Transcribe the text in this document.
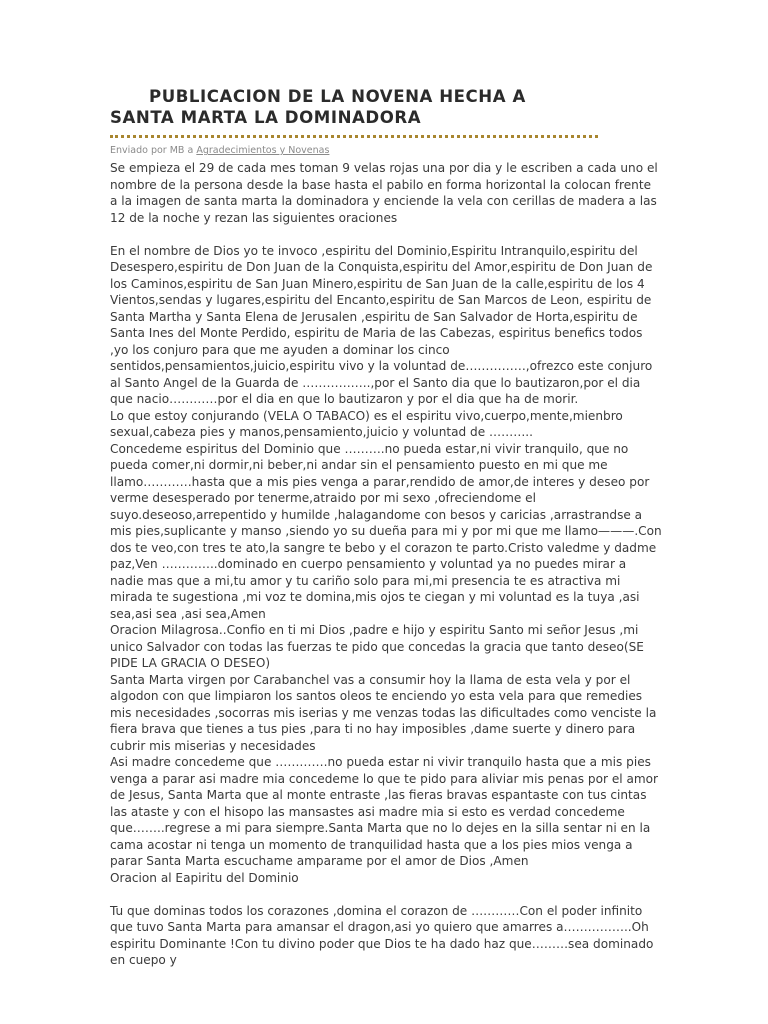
PUBLICACION DE LA NOVENA HECHA A
SANTA MARTA LA DOMINADORA
Enviado por MB a Agradecimientos y Novenas

Se empieza el 29 de cada mes toman 9 velas rojas una por dia y le escriben a cada uno el nombre de la persona desde la base hasta el pabilo en forma horizontal la colocan frente a la imagen de santa marta la dominadora y enciende la vela con cerillas de madera a las 12 de la noche y rezan las siguientes oraciones

En el nombre de Dios yo te invoco ,espiritu del Dominio,Espiritu Intranquilo,espiritu del Desespero,espiritu de Don Juan de la Conquista,espiritu del Amor,espiritu de Don Juan de los Caminos,espiritu de San Juan Minero,espiritu de San Juan de la calle,espiritu de los 4 Vientos,sendas y lugares,espiritu del Encanto,espiritu de San Marcos de Leon, espiritu de Santa Martha y Santa Elena de Jerusalen ,espiritu de San Salvador de Horta,espiritu de Santa Ines del Monte Perdido, espiritu de Maria de las Cabezas, espiritus benefics todos ,yo los conjuro para que me ayuden a dominar los cinco sentidos,pensamientos,juicio,espiritu vivo y la voluntad de……………,ofrezco este conjuro al Santo Angel de la Guarda de ……………..,por el Santo dia que lo bautizaron,por el dia que nacio…………por el dia en que lo bautizaron y por el dia que ha de morir.

Lo que estoy conjurando (VELA O TABACO) es el espiritu vivo,cuerpo,mente,mienbro sexual,cabeza pies y manos,pensamiento,juicio y voluntad de ………..

Concedeme espiritus del Dominio que ……….no pueda estar,ni vivir tranquilo, que no pueda comer,ni dormir,ni beber,ni andar sin el pensamiento puesto en mi que me llamo…………hasta que a mis pies venga a parar,rendido de amor,de interes y deseo por verme desesperado por tenerme,atraido por mi sexo ,ofreciendome el suyo.deseoso,arrepentido y humilde ,halagandome con besos y caricias ,arrastrandse a mis pies,suplicante y manso ,siendo yo su dueña para mi y por mi que me llamo———.Con dos te veo,con tres te ato,la sangre te bebo y el corazon te parto.Cristo valedme y dadme paz,Ven …………..dominado en cuerpo pensamiento y voluntad ya no puedes mirar a nadie mas que a mi,tu amor y tu cariño solo para mi,mi presencia te es atractiva mi mirada te sugestiona ,mi voz te domina,mis ojos te ciegan y mi voluntad es la tuya ,asi sea,asi sea ,asi sea,Amen

Oracion Milagrosa..Confio en ti mi Dios ,padre e hijo y espiritu Santo mi señor Jesus ,mi unico Salvador con todas las fuerzas te pido que concedas la gracia que tanto deseo(SE PIDE LA GRACIA O DESEO)

Santa Marta virgen por Carabanchel vas a consumir hoy la llama de esta vela y por el algodon con que limpiaron los santos oleos te enciendo yo esta vela para que remedies mis necesidades ,socorras mis iserias y me venzas todas las dificultades como venciste la fiera brava que tienes a tus pies ,para ti no hay imposibles ,dame suerte y dinero para cubrir mis miserias y necesidades

Asi madre concedeme que ………….no pueda estar ni vivir tranquilo hasta que a mis pies venga a parar asi madre mia concedeme lo que te pido para aliviar mis penas por el amor de Jesus, Santa Marta que al monte entraste ,las fieras bravas espantaste con tus cintas las ataste y con el hisopo las mansastes asi madre mia si esto es verdad concedeme que……..regrese a mi para siempre.Santa Marta que no lo dejes en la silla sentar ni en la cama acostar ni tenga un momento de tranquilidad hasta que a los pies mios venga a parar Santa Marta escuchame amparame por el amor de Dios ,Amen

Oracion al Eapiritu del Dominio

Tu que dominas todos los corazones ,domina el corazon de …………Con el poder infinito que tuvo Santa Marta para amansar el dragon,asi yo quiero que amarres a……………..Oh espiritu Dominante !Con tu divino poder que Dios te ha dado haz que………sea dominado en cuepo y
